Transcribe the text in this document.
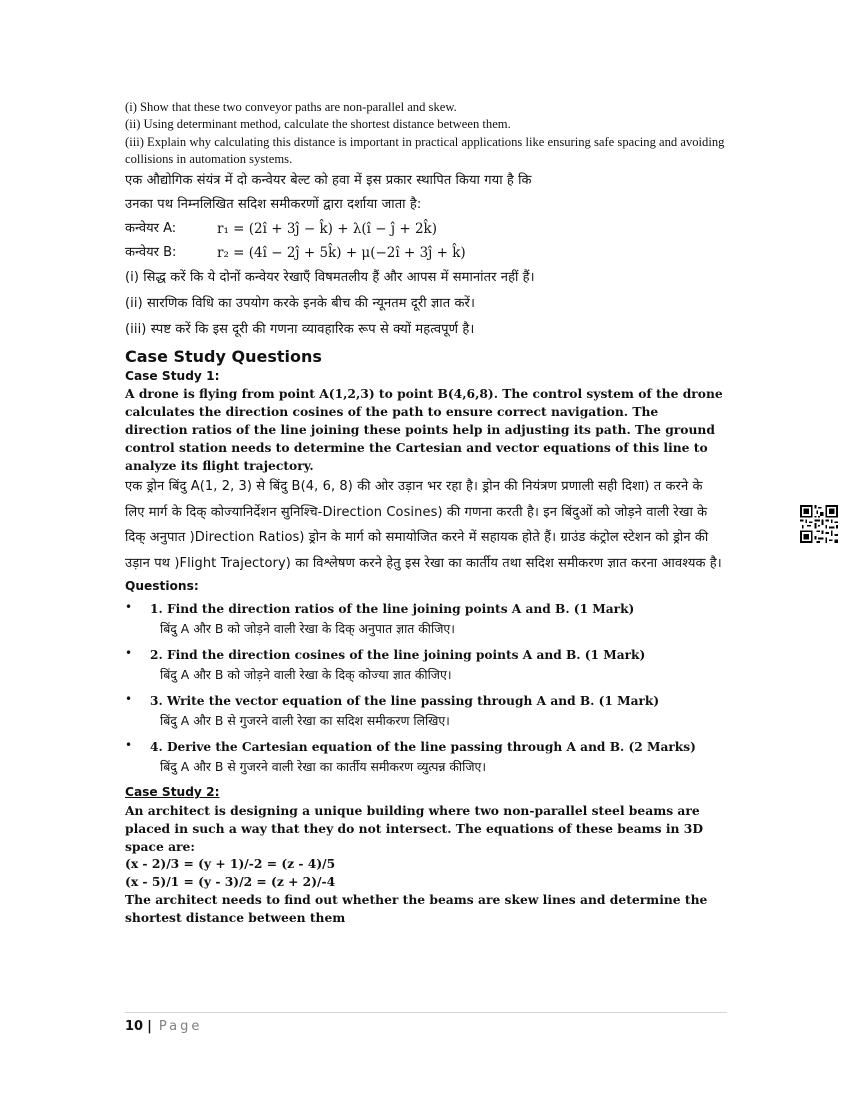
(i) Show that these two conveyor paths are non-parallel and skew.

(ii) Using determinant method, calculate the shortest distance between them.

(iii) Explain why calculating this distance is important in practical applications like ensuring safe spacing and avoiding collisions in automation systems.

एक औद्योगिक संयंत्र में दो कन्वेयर बेल्ट को हवा में इस प्रकार स्थापित किया गया है कि

उनका पथ निम्नलिखित सदिश समीकरणों द्वारा दर्शाया जाता है:

कन्वेयर A:	r₁ = (2î + 3ĵ − k̂) + λ(î − ĵ + 2k̂)
कन्वेयर B:	r₂ = (4î − 2ĵ + 5k̂) + μ(−2î + 3ĵ + k̂)

(i) सिद्ध करें कि ये दोनों कन्वेयर रेखाएँ विषमतलीय हैं और आपस में समानांतर नहीं हैं।

(ii) सारणिक विधि का उपयोग करके इनके बीच की न्यूनतम दूरी ज्ञात करें।

(iii) स्पष्ट करें कि इस दूरी की गणना व्यावहारिक रूप से क्यों महत्वपूर्ण है।

Case Study Questions

Case Study 1:

A drone is flying from point A(1,2,3) to point B(4,6,8). The control system of the drone calculates the direction cosines of the path to ensure correct navigation. The direction ratios of the line joining these points help in adjusting its path. The ground control station needs to determine the Cartesian and vector equations of this line to analyze its flight trajectory.

एक ड्रोन बिंदु A(1, 2, 3) से बिंदु B(4, 6, 8) की ओर उड़ान भर रहा है। ड्रोन की नियंत्रण प्रणाली सही दिशा) त करने के लिए मार्ग के दिक् कोज्यानिर्देशन सुनिश्चि-Direction Cosines) की गणना करती है। इन बिंदुओं को जोड़ने वाली रेखा के दिक् अनुपात )Direction Ratios) ड्रोन के मार्ग को समायोजित करने में सहायक होते हैं। ग्राउंड कंट्रोल स्टेशन को ड्रोन की उड़ान पथ )Flight Trajectory) का विश्लेषण करने हेतु इस रेखा का कार्तीय तथा सदिश समीकरण ज्ञात करना आवश्यक है।

Questions:
• 1. Find the direction ratios of the line joining points A and B. (1 Mark)
बिंदु A और B को जोड़ने वाली रेखा के दिक् अनुपात ज्ञात कीजिए।
• 2. Find the direction cosines of the line joining points A and B. (1 Mark)
बिंदु A और B को जोड़ने वाली रेखा के दिक् कोज्या ज्ञात कीजिए।
• 3. Write the vector equation of the line passing through A and B. (1 Mark)
बिंदु A और B से गुजरने वाली रेखा का सदिश समीकरण लिखिए।
• 4. Derive the Cartesian equation of the line passing through A and B. (2 Marks)
बिंदु A और B से गुजरने वाली रेखा का कार्तीय समीकरण व्युत्पन्न कीजिए।

Case Study 2:

An architect is designing a unique building where two non-parallel steel beams are placed in such a way that they do not intersect. The equations of these beams in 3D space are:

(x - 2)/3 = (y + 1)/-2 = (z - 4)/5

(x - 5)/1 = (y - 3)/2 = (z + 2)/-4

The architect needs to find out whether the beams are skew lines and determine the shortest distance between them

10 | Page
